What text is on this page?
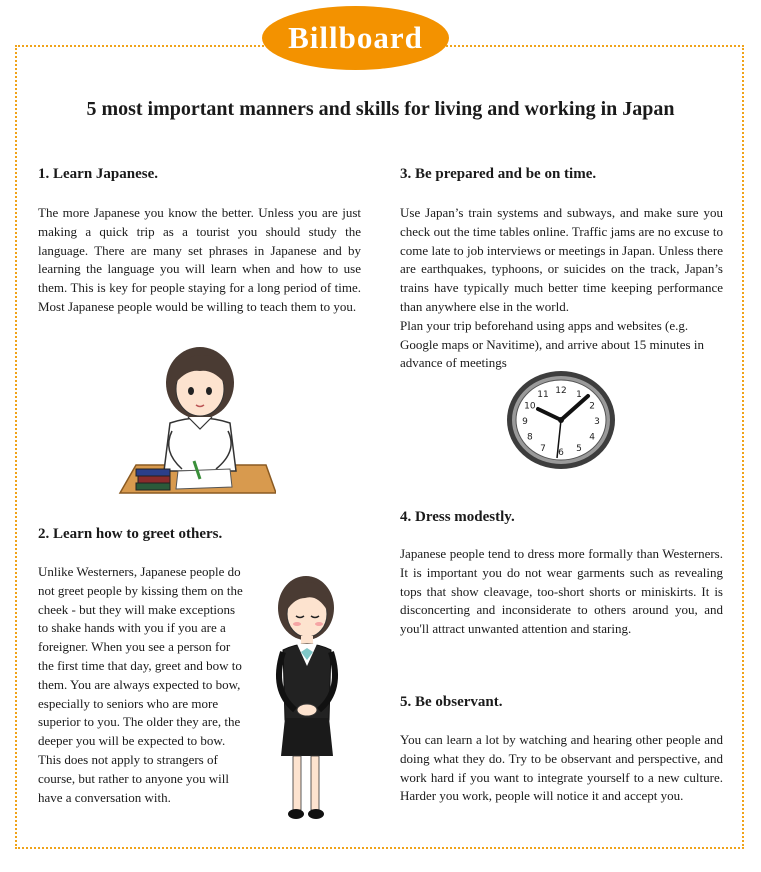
Billboard
5 most important manners and skills for living and working in Japan
1. Learn Japanese.

The more Japanese you know the better. Unless you are just making a quick trip as a tourist you should study the language. There are many set phrases in Japanese and by learning the language you will learn when and how to use them. This is key for people staying for a long period of time. Most Japanese people would be willing to teach them to you.

2. Learn how to greet others.

Unlike Westerners, Japanese people do not greet people by kissing them on the cheek - but they will make exceptions to shake hands with you if you are a foreigner. When you see a person for the first time that day, greet and bow to them. You are always expected to bow, especially to seniors who are more superior to you. The older they are, the deeper you will be expected to bow. This does not apply to strangers of course, but rather to anyone you will have a conversation with.

3. Be prepared and be on time.

Use Japan’s train systems and subways, and make sure you check out the time tables online. Traffic jams are no excuse to come late to job interviews or meetings in Japan. Unless there are earthquakes, typhoons, or suicides on the track, Japan’s trains have typically much better time keeping performance than anywhere else in the world.
Plan your trip beforehand using apps and websites (e.g. Google maps or Navitime), and arrive about 15 minutes in advance of meetings

12 1
2
3
4
5
6
7
8
9
10
11
4. Dress modestly.

Japanese people tend to dress more formally than Westerners. It is important you do not wear garments such as revealing tops that show cleavage, too-short shorts or miniskirts. It is disconcerting and inconsiderate to others around you, and you'll attract unwanted attention and staring.

5. Be observant.

You can learn a lot by watching and hearing other people and doing what they do. Try to be observant and perspective, and work hard if you want to integrate yourself to a new culture. Harder you work, people will notice it and accept you.
